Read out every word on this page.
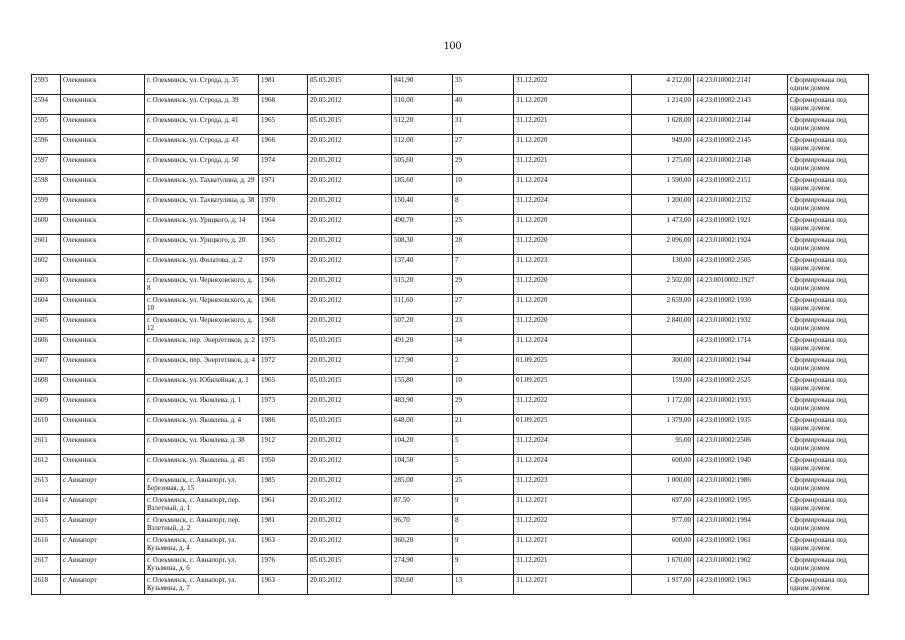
100
2593	Олекминск	г. Олекминск, ул. Строда, д. 35	1981	05.03.2015	841,90	35	31.12.2022	4 212,00	14:23:010002:2141	Сформирована под одним домом
2594	Олекминск	г. Олекминск, ул. Строда, д. 39	1968	20.05.2012	510,00	40	31.12.2020	1 214,00	14:23:010002:2143	Сформирована под одним домом
2595	Олекминск	г. Олекминск, ул. Строда, д. 41	1965	05.03.2015	512,20	31	31.12.2021	1 628,00	14:23:010002:2144	Сформирована под одним домом
2596	Олекминск	г. Олекминск, ул. Строда, д. 43	1966	20.05.2012	512,00	27	31.12.2020	949,00	14:23:010002:2145	Сформирована под одним домом
2597	Олекминск	г. Олекминск, ул. Строда, д. 50	1974	20.05.2012	505,60	29	31.12.2021	1 275,00	14:23:010002:2148	Сформирована под одним домом
2598	Олекминск	г. Олекминск, ул. Тахватулина, д. 29	1971	20.05.2012	185,60	10	31.12.2024	1 590,00	14:23:010002:2151	Сформирована под одним домом
2599	Олекминск	г. Олекминск, ул. Тахватулина, д. 38	1970	20.05.2012	150,40	8	31.12.2024	1 200,00	14:23:010002:2152	Сформирована под одним домом
2600	Олекминск	г. Олекминск, ул. Урицкого, д. 14	1964	20.05.2012	490,70	25	31.12.2020	1 473,00	14:23:010002:1921	Сформирована под одним домом
2601	Олекминск	г. Олекминск, ул. Урицкого, д. 20	1965	20.05.2012	508,30	28	31.12.2020	2 096,00	14:23:010002:1924	Сформирована под одним домом
2602	Олекминск	г. Олекминск, ул. Филатова, д. 2	1970	20.05.2012	137,40	7	31.12.2023	130,00	14:23:010002:2505	Сформирована под одним домом
2603	Олекминск	г. Олекминск, ул. Черняховского, д. 8	1966	20.05.2012	515,20	29	31.12.2020	2 502,00	14:23:0010002:1927	Сформирована под одним домом
2604	Олекминск	г. Олекминск, ул. Черняховского, д. 10	1966	20.05.2012	511,60	27	31.12.2020	2 659,00	14:23:010002:1930	Сформирована под одним домом
2605	Олекминск	г. Олекминск, ул. Черняховского, д. 12	1968	20.05.2012	507,20	23	31.12.2020	2 840,00	14:23:010002:1932	Сформирована под одним домом
2606	Олекминск	г. Олекминск, пер. Энергетиков, д. 2	1975	05.03.2015	491,20	34	31.12.2024		14:23:010002:1714	Сформирована под одним домом
2607	Олекминск	г. Олекминск, пер. Энергетиков, д. 4	1972	20.05.2012	127,90	2	01.09.2025	300,00	14:23:010002:1944	Сформирована под одним домом
2608	Олекминск	г. Олекминск, ул. Юбилейная, д. 1	1965	05.03.2015	155,80	10	01.09.2025	159,00	14:23:010002:2525	Сформирована под одним домом
2609	Олекминск	г. Олекминск, ул. Яковлева, д. 1	1973	20.05.2012	483,90	29	31.12.2022	1 172,00	14:23:010002:1933	Сформирована под одним домом
2610	Олекминск	г. Олекминск, ул. Яковлева, д. 4	1986	05.03.2015	648,00	21	01.09.2025	1 379,00	14:23:010002:1935	Сформирована под одним домом
2611	Олекминск	г. Олекминск, ул. Яковлева, д. 38	1912	20.05.2012	104,20	5	31.12.2024	95,00	14:23:010002:2506	Сформирована под одним домом
2612	Олекминск	г. Олекминск, ул. Яковлева, д. 45	1950	20.05.2012	104,50	5	31.12.2024	600,00	14:23:010002:1940	Сформирована под одним домом
2613	с Авиапорт	г. Олекминск, с. Авиапорт, ул. Березовая, д. 15	1985	20.05.2012	285,00	25	31.12.2023	1 000,00	14:23:010002:1986	Сформирована под одним домом
2614	с Авиапорт	г. Олекминск, с. Авиапорт, пер. Взлетный, д. 1	1961	20.05.2012	87,50	9	31.12.2021	697,00	14:23:010002:1995	Сформирована под одним домом
2615	с Авиапорт	г. Олекминск, с. Авиапорт, пер. Взлетный, д. 2	1981	20.05.2012	96,70	8	31.12.2022	977,00	14:23:010002:1994	Сформирована под одним домом
2616	с Авиапорт	г. Олекминск, с. Авиапорт, ул. Кузьмина, д. 4	1963	20.05.2012	360,20	9	31.12.2021	600,00	14:23:010002:1961	Сформирована под одним домом
2617	с Авиапорт	г. Олекминск, с. Авиапорт, ул. Кузьмина, д. 6	1976	05.03.2015	274,90	9	31.12.2021	1 670,00	14:23:010002:1962	Сформирована под одним домом
2618	с Авиапорт	г. Олекминск, с. Авиапорт, ул. Кузьмина, д. 7	1963	20.05.2012	350,60	13	31.12.2021	1 917,00	14:23:010002:1963	Сформирована под одним домом
